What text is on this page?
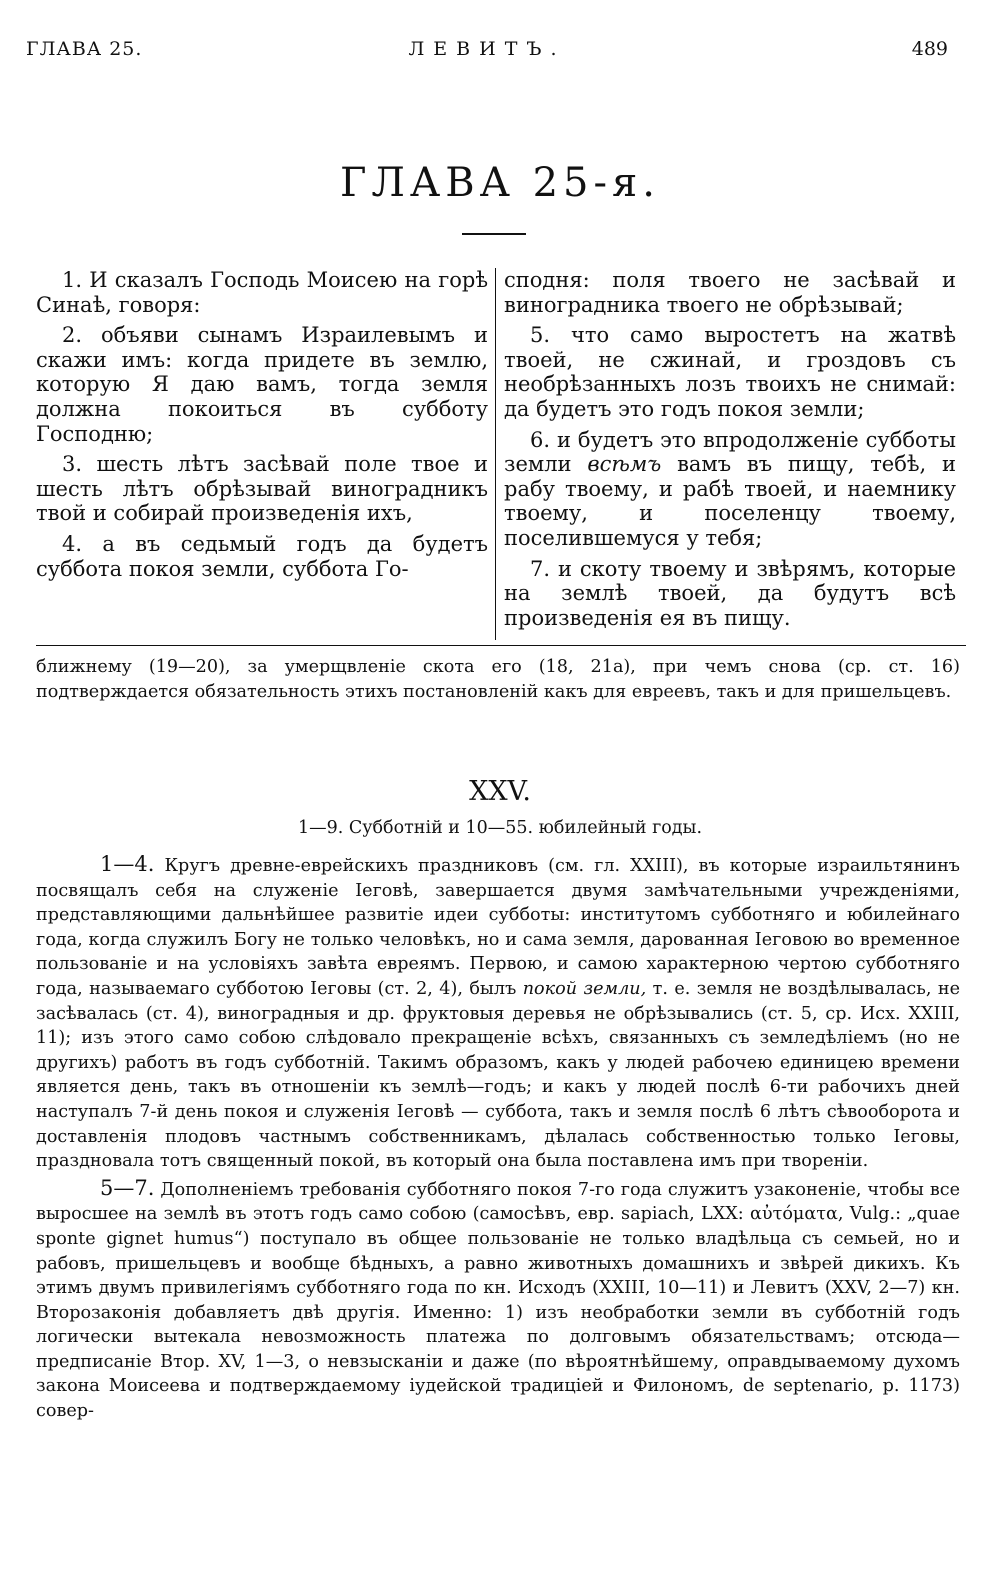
ГЛАВА 25.	ЛЕВИТЪ.	489
ГЛАВА 25-я.

1. И сказалъ Господь Моисею на горѣ Синаѣ, говоря:

2. объяви сынамъ Израилевымъ и скажи имъ: когда придете въ землю, которую Я даю вамъ, тогда земля должна покоиться въ субботу Господню;

3. шесть лѣтъ засѣвай поле твое и шесть лѣтъ обрѣзывай виноградникъ твой и собирай произведенія ихъ,

4. а въ седьмый годъ да будетъ суббота покоя земли, суббота Го-

сподня: поля твоего не засѣвай и виноградника твоего не обрѣзывай;

5. что само выростетъ на жатвѣ твоей, не сжинай, и гроздовъ съ необрѣзанныхъ лозъ твоихъ не снимай: да будетъ это годъ покоя земли;

6. и будетъ это впродолженіе субботы земли всѣмъ вамъ въ пищу, тебѣ, и рабу твоему, и рабѣ твоей, и наемнику твоему, и поселенцу твоему, поселившемуся у тебя;

7. и скоту твоему и звѣрямъ, которые на землѣ твоей, да будутъ всѣ произведенія ея въ пищу.

ближнему (19—20), за умерщвленіе скота его (18, 21а), при чемъ снова (ср. ст. 16) подтверждается обязательность этихъ постановленій какъ для евреевъ, такъ и для пришельцевъ.
XXV.
1—9. Субботній и 10—55. юбилейный годы.

1—4. Кругъ древне-еврейскихъ праздниковъ (см. гл. XXIII), въ которые израильтянинъ посвящалъ себя на служеніе Іеговѣ, завершается двумя замѣчательными учрежденіями, представляющими дальнѣйшее развитіе идеи субботы: институтомъ субботняго и юбилейнаго года, когда служилъ Богу не только человѣкъ, но и сама земля, дарованная Іеговою во временное пользованіе и на условіяхъ завѣта евреямъ. Первою, и самою характерною чертою субботняго года, называемаго субботою Іеговы (ст. 2, 4), былъ покой земли, т. е. земля не воздѣлывалась, не засѣвалась (ст. 4), виноградныя и др. фруктовыя деревья не обрѣзывались (ст. 5, ср. Исх. XXIII, 11); изъ этого само собою слѣдовало прекращеніе всѣхъ, связанныхъ съ земледѣліемъ (но не другихъ) работъ въ годъ субботній. Такимъ образомъ, какъ у людей рабочею единицею времени является день, такъ въ отношеніи къ землѣ—годъ; и какъ у людей послѣ 6-ти рабочихъ дней наступалъ 7-й день покоя и служенія Іеговѣ — суббота, такъ и земля послѣ 6 лѣтъ сѣвооборота и доставленія плодовъ частнымъ собственникамъ, дѣлалась собственностью только Іеговы, праздновала тотъ священный покой, въ который она была поставлена имъ при твореніи.

5—7. Дополненіемъ требованія субботняго покоя 7-го года служитъ узаконеніе, чтобы все выросшее на землѣ въ этотъ годъ само собою (самосѣвъ, евр. sapiach, LXX: αὐτόματα, Vulg.: „quae sponte gignet humus“) поступало въ общее пользованіе не только владѣльца съ семьей, но и рабовъ, пришельцевъ и вообще бѣдныхъ, а равно животныхъ домашнихъ и звѣрей дикихъ. Къ этимъ двумъ привилегіямъ субботняго года по кн. Исходъ (XXIII, 10—11) и Левитъ (XXV, 2—7) кн. Второзаконія добавляетъ двѣ другія. Именно: 1) изъ необработки земли въ субботній годъ логически вытекала невозможность платежа по долговымъ обязательствамъ; отсюда—предписаніе Втор. XV, 1—3, о невзысканіи и даже (по вѣроятнѣйшему, оправдываемому духомъ закона Моисеева и подтверждаемому іудейской традиціей и Филономъ, de septenario, p. 1173) совер-
